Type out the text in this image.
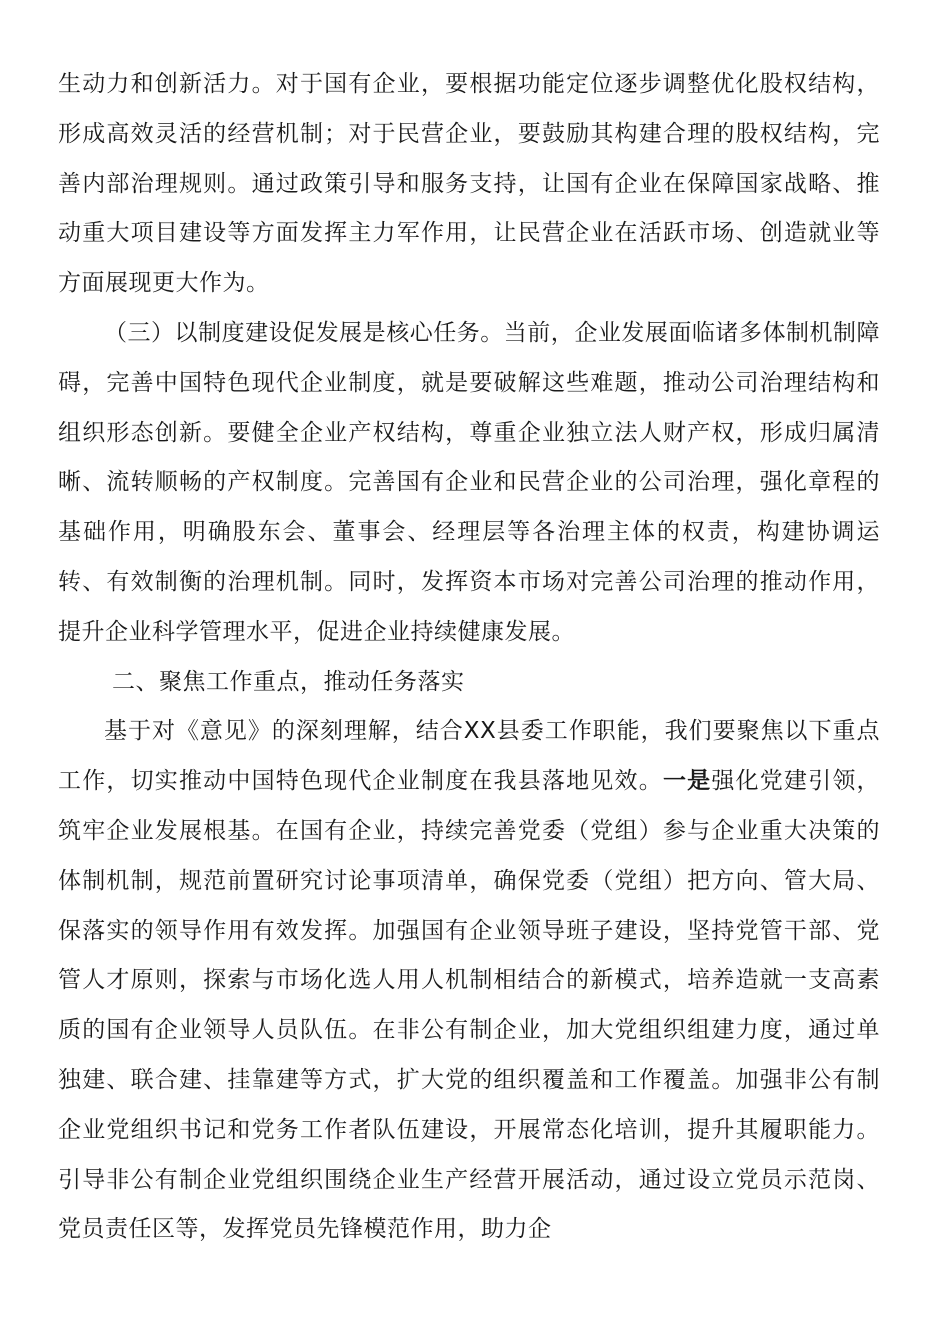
生动力和创新活力。对于国有企业，要根据功能定位逐步调整优化股权结构，形成高效灵活的经营机制；对于民营企业，要鼓励其构建合理的股权结构，完善内部治理规则。通过政策引导和服务支持，让国有企业在保障国家战略、推动重大项目建设等方面发挥主力军作用，让民营企业在活跃市场、创造就业等方面展现更大作为。

（三）以制度建设促发展是核心任务。当前，企业发展面临诸多体制机制障碍，完善中国特色现代企业制度，就是要破解这些难题，推动公司治理结构和组织形态创新。要健全企业产权结构，尊重企业独立法人财产权，形成归属清晰、流转顺畅的产权制度。完善国有企业和民营企业的公司治理，强化章程的基础作用，明确股东会、董事会、经理层等各治理主体的权责，构建协调运转、有效制衡的治理机制。同时，发挥资本市场对完善公司治理的推动作用，提升企业科学管理水平，促进企业持续健康发展。

二、聚焦工作重点，推动任务落实

基于对《意见》的深刻理解，结合XX县委工作职能，我们要聚焦以下重点工作，切实推动中国特色现代企业制度在我县落地见效。一是强化党建引领，筑牢企业发展根基。在国有企业，持续完善党委（党组）参与企业重大决策的体制机制，规范前置研究讨论事项清单，确保党委（党组）把方向、管大局、保落实的领导作用有效发挥。加强国有企业领导班子建设，坚持党管干部、党管人才原则，探索与市场化选人用人机制相结合的新模式，培养造就一支高素质的国有企业领导人员队伍。在非公有制企业，加大党组织组建力度，通过单独建、联合建、挂靠建等方式，扩大党的组织覆盖和工作覆盖。加强非公有制企业党组织书记和党务工作者队伍建设，开展常态化培训，提升其履职能力。引导非公有制企业党组织围绕企业生产经营开展活动，通过设立党员示范岗、党员责任区等，发挥党员先锋模范作用，助力企
